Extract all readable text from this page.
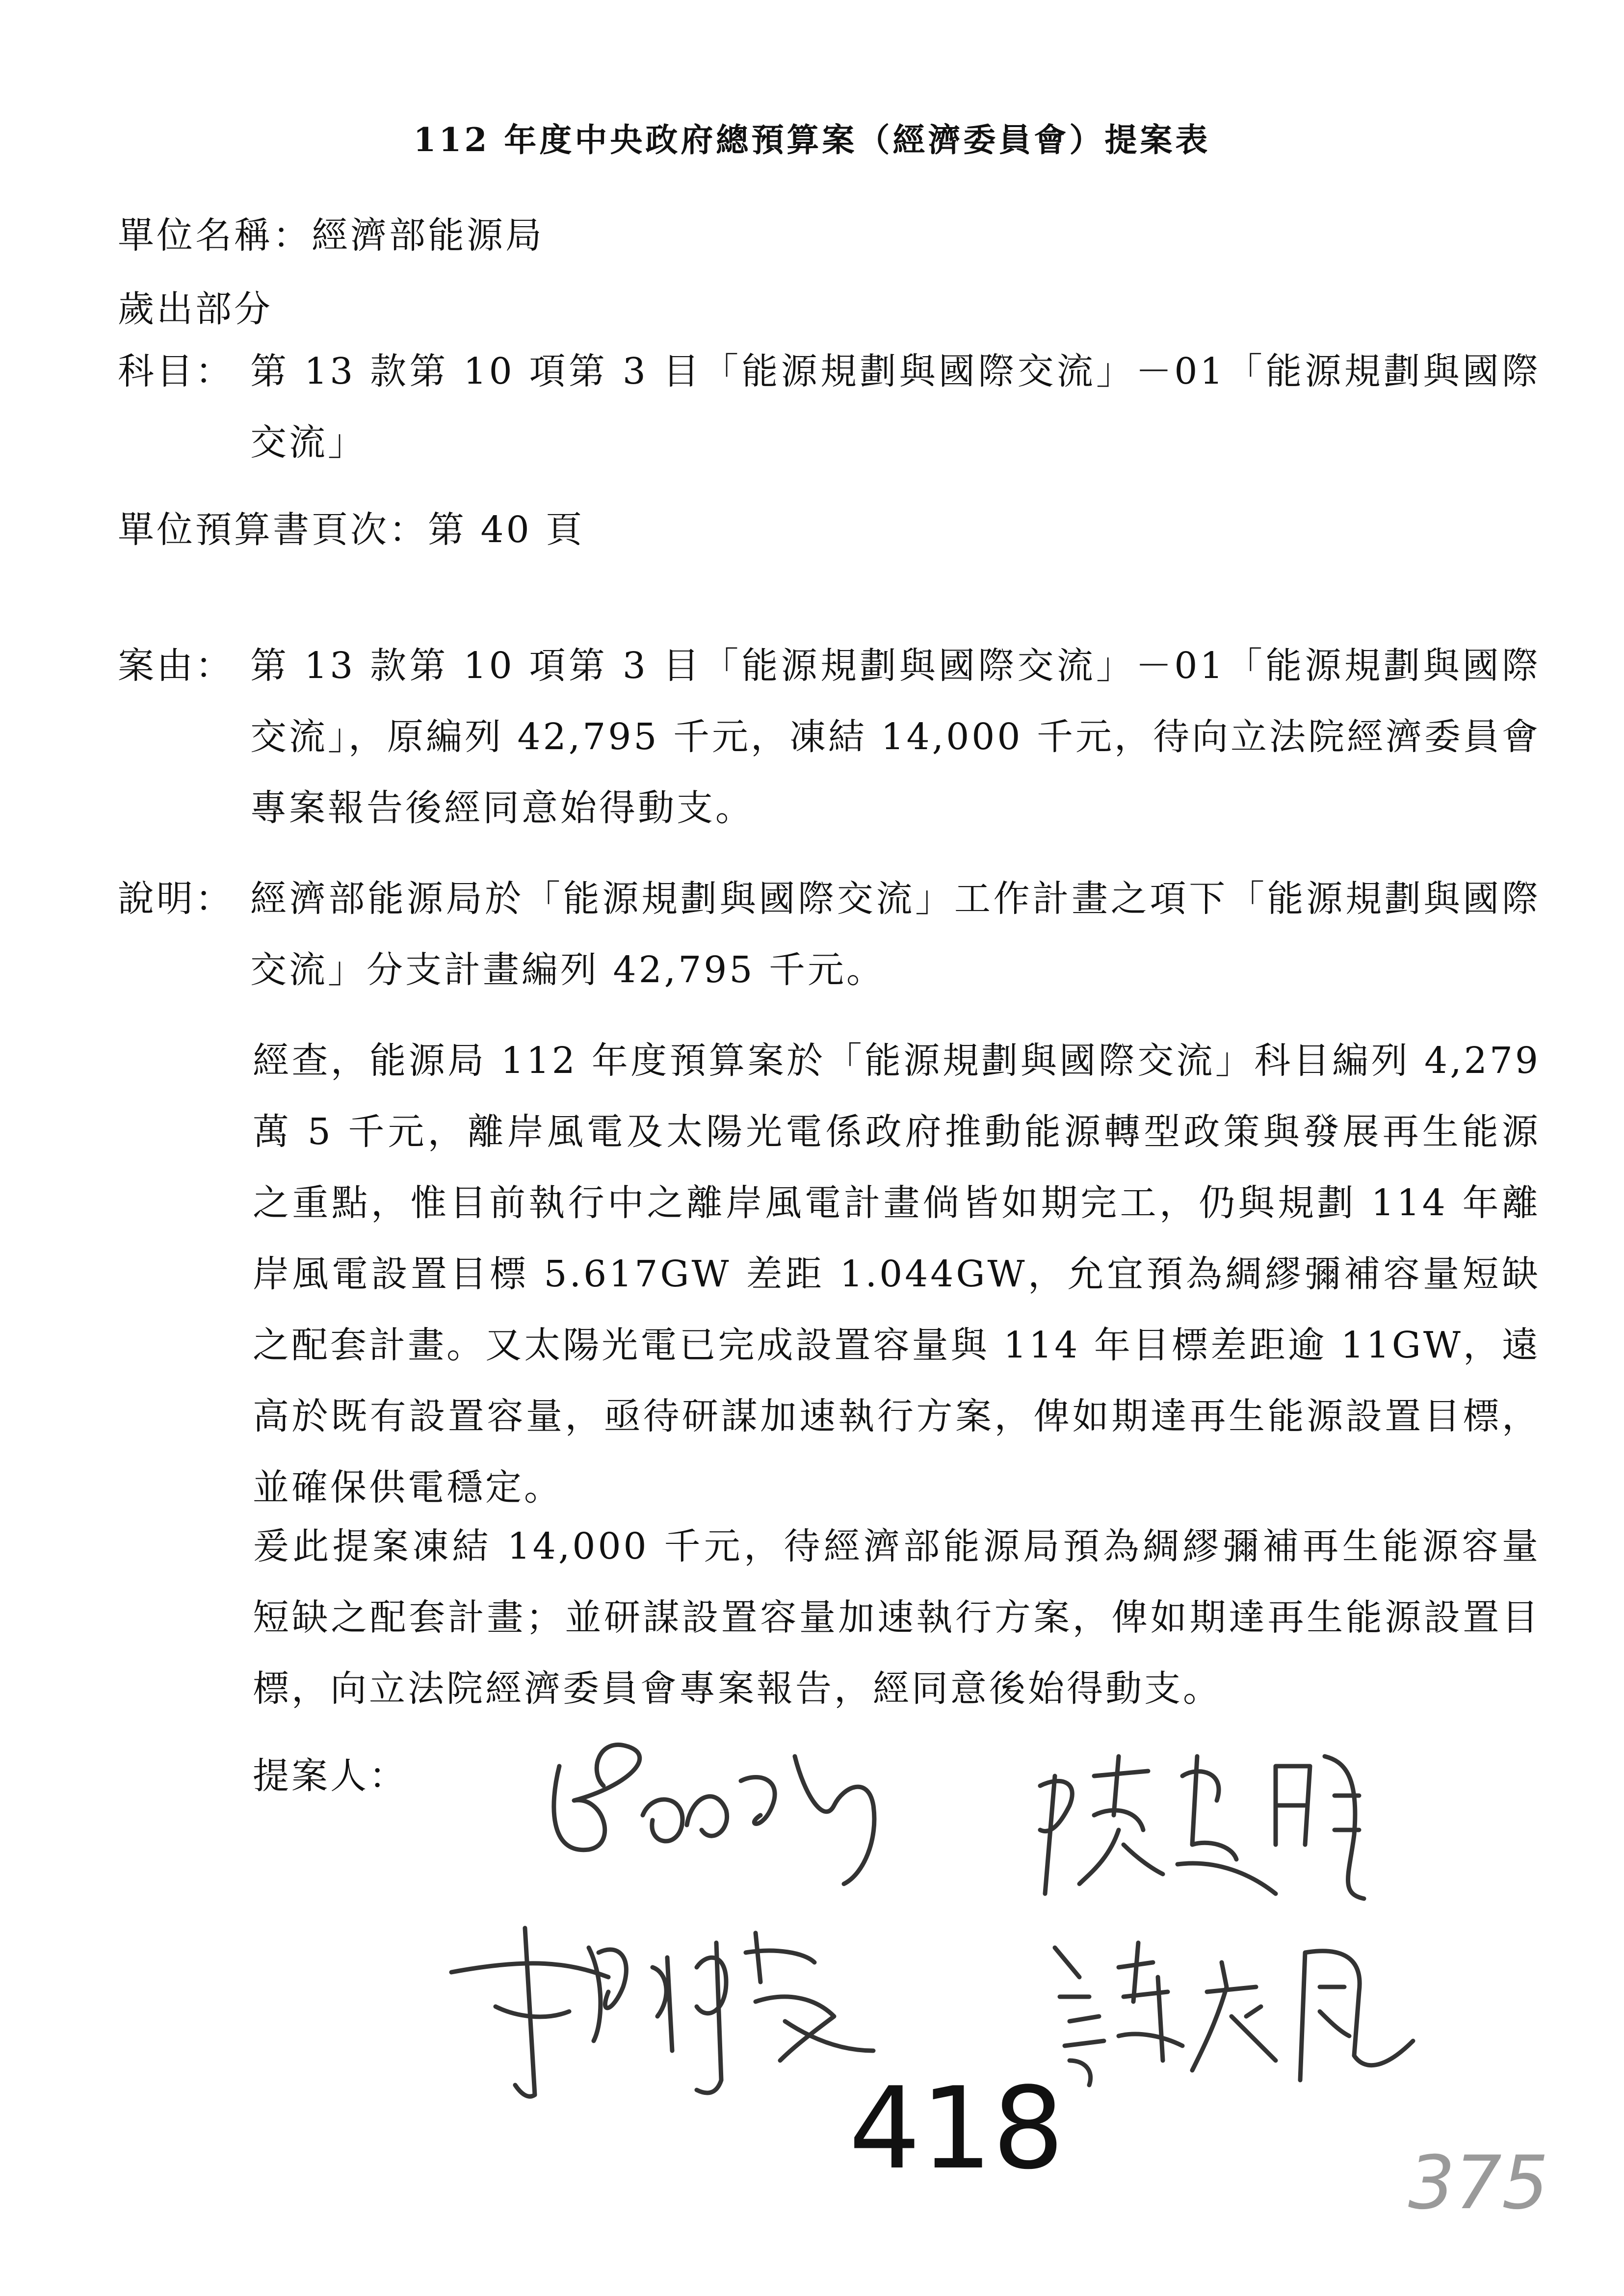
112 年度中央政府總預算案（經濟委員會）提案表
單位名稱：經濟部能源局
歲出部分
科目： 第 13 款第 10 項第 3 目「能源規劃與國際交流」－01「能源規劃與國際交流」
單位預算書頁次：第 40 頁
案由： 第 13 款第 10 項第 3 目「能源規劃與國際交流」－01「能源規劃與國際交流」，原編列 42,795 千元，凍結 14,000 千元，待向立法院經濟委員會專案報告後經同意始得動支。
說明： 經濟部能源局於「能源規劃與國際交流」工作計畫之項下「能源規劃與國際交流」分支計畫編列 42,795 千元。
經查，能源局 112 年度預算案於「能源規劃與國際交流」科目編列 4,279 萬 5 千元，離岸風電及太陽光電係政府推動能源轉型政策與發展再生能源之重點，惟目前執行中之離岸風電計畫倘皆如期完工，仍與規劃 114 年離岸風電設置目標 5.617GW 差距 1.044GW，允宜預為綢繆彌補容量短缺之配套計畫。又太陽光電已完成設置容量與 114 年目標差距逾 11GW，遠高於既有設置容量，亟待研謀加速執行方案，俾如期達再生能源設置目標，並確保供電穩定。
爰此提案凍結 14,000 千元，待經濟部能源局預為綢繆彌補再生能源容量短缺之配套計畫；並研謀設置容量加速執行方案，俾如期達再生能源設置目標，向立法院經濟委員會專案報告，經同意後始得動支。
提案人：
418	375
